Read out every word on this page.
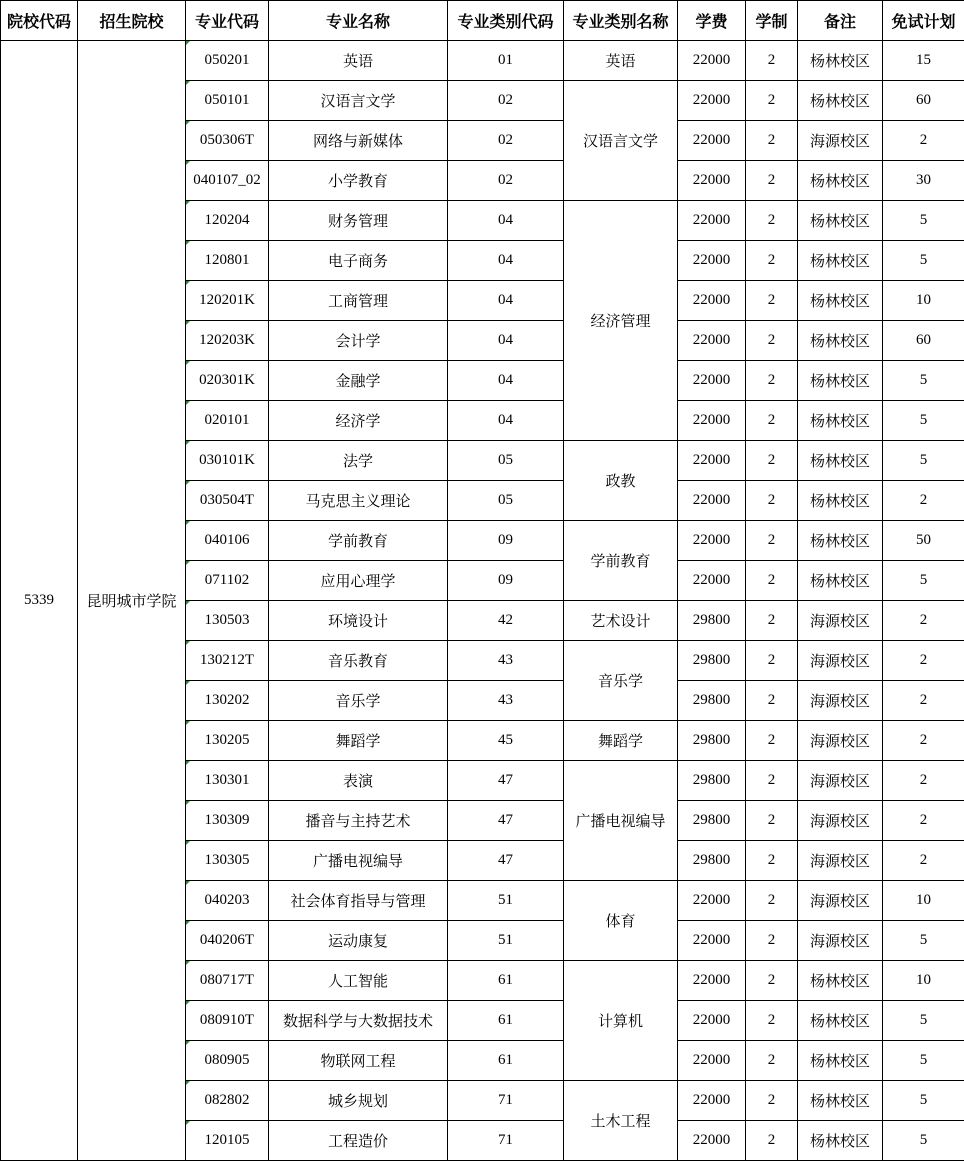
院校代码	招生院校	专业代码	专业名称	专业类别代码	专业类别名称	学费	学制	备注	免试计划
5339	昆明城市学院	050201	英语	01	英语	22000	2	杨林校区	15
		050101	汉语言文学	02	汉语言文学	22000	2	杨林校区	60
		050306T	网络与新媒体	02		22000	2	海源校区	2
		040107_02	小学教育	02		22000	2	杨林校区	30
		120204	财务管理	04	经济管理	22000	2	杨林校区	5
		120801	电子商务	04		22000	2	杨林校区	5
		120201K	工商管理	04		22000	2	杨林校区	10
		120203K	会计学	04		22000	2	杨林校区	60
		020301K	金融学	04		22000	2	杨林校区	5
		020101	经济学	04		22000	2	杨林校区	5
		030101K	法学	05	政教	22000	2	杨林校区	5
		030504T	马克思主义理论	05		22000	2	杨林校区	2
		040106	学前教育	09	学前教育	22000	2	杨林校区	50
		071102	应用心理学	09		22000	2	杨林校区	5
		130503	环境设计	42	艺术设计	29800	2	海源校区	2
		130212T	音乐教育	43	音乐学	29800	2	海源校区	2
		130202	音乐学	43		29800	2	海源校区	2
		130205	舞蹈学	45	舞蹈学	29800	2	海源校区	2
		130301	表演	47	广播电视编导	29800	2	海源校区	2
		130309	播音与主持艺术	47		29800	2	海源校区	2
		130305	广播电视编导	47		29800	2	海源校区	2
		040203	社会体育指导与管理	51	体育	22000	2	海源校区	10
		040206T	运动康复	51		22000	2	海源校区	5
		080717T	人工智能	61	计算机	22000	2	杨林校区	10
		080910T	数据科学与大数据技术	61		22000	2	杨林校区	5
		080905	物联网工程	61		22000	2	杨林校区	5
		082802	城乡规划	71	土木工程	22000	2	杨林校区	5
		120105	工程造价	71		22000	2	杨林校区	5
